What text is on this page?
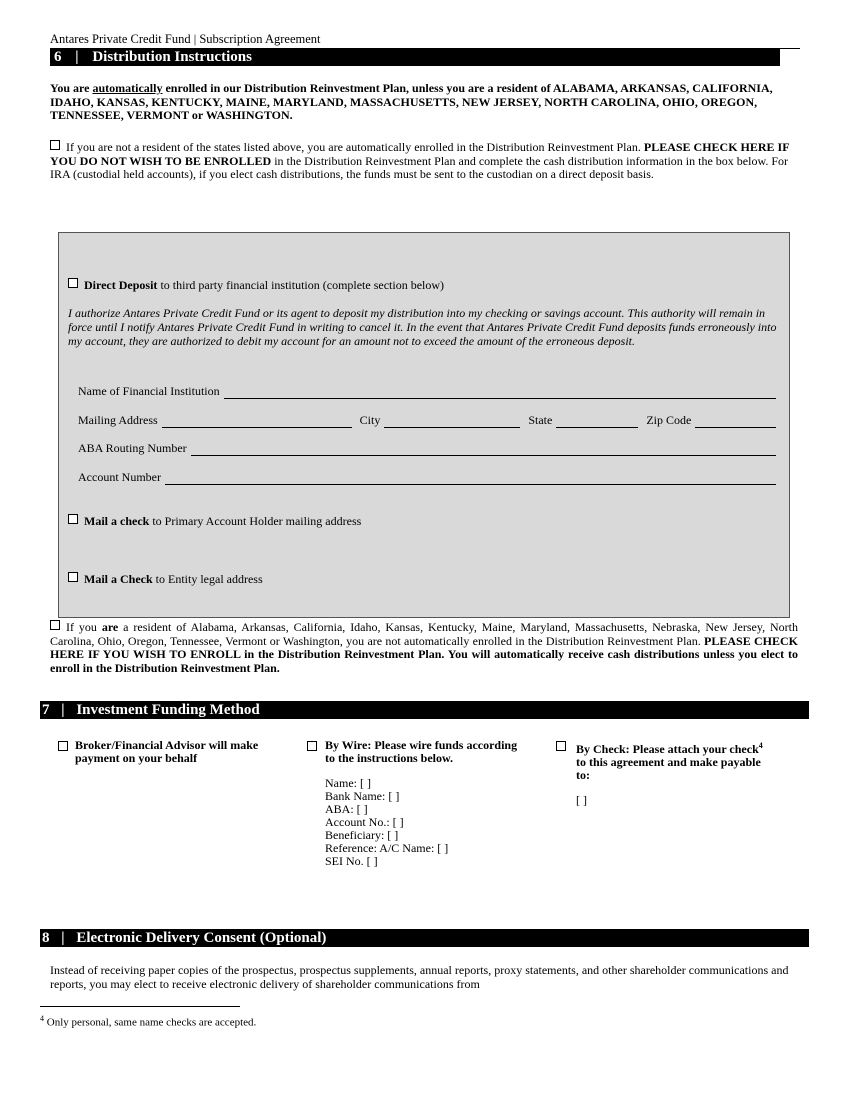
Antares Private Credit Fund | Subscription Agreement
6 | Distribution Instructions
You are automatically enrolled in our Distribution Reinvestment Plan, unless you are a resident of ALABAMA, ARKANSAS, CALIFORNIA, IDAHO, KANSAS, KENTUCKY, MAINE, MARYLAND, MASSACHUSETTS, NEW JERSEY, NORTH CAROLINA, OHIO, OREGON, TENNESSEE, VERMONT or WASHINGTON.
If you are not a resident of the states listed above, you are automatically enrolled in the Distribution Reinvestment Plan. PLEASE CHECK HERE IF YOU DO NOT WISH TO BE ENROLLED in the Distribution Reinvestment Plan and complete the cash distribution information in the box below. For IRA (custodial held accounts), if you elect cash distributions, the funds must be sent to the custodian on a direct deposit basis.
Direct Deposit to third party financial institution (complete section below)
I authorize Antares Private Credit Fund or its agent to deposit my distribution into my checking or savings account. This authority will remain in force until I notify Antares Private Credit Fund in writing to cancel it. In the event that Antares Private Credit Fund deposits funds erroneously into my account, they are authorized to debit my account for an amount not to exceed the amount of the erroneous deposit.
Name of Financial Institution
Mailing Address	City	State	Zip Code
ABA Routing Number
Account Number
Mail a check to Primary Account Holder mailing address
Mail a Check to Entity legal address
If you are a resident of Alabama, Arkansas, California, Idaho, Kansas, Kentucky, Maine, Maryland, Massachusetts, Nebraska, New Jersey, North Carolina, Ohio, Oregon, Tennessee, Vermont or Washington, you are not automatically enrolled in the Distribution Reinvestment Plan. PLEASE CHECK HERE IF YOU WISH TO ENROLL in the Distribution Reinvestment Plan. You will automatically receive cash distributions unless you elect to enroll in the Distribution Reinvestment Plan.
7 | Investment Funding Method
Broker/Financial Advisor will make payment on your behalf
By Wire: Please wire funds according to the instructions below.
Name: [ ]
Bank Name: [ ]
ABA: [ ]
Account No.: [ ]
Beneficiary: [ ]
Reference: A/C Name: [ ]
SEI No. [ ]
By Check: Please attach your check$^4$ to this agreement and make payable to:
[ ]
8 | Electronic Delivery Consent (Optional)
Instead of receiving paper copies of the prospectus, prospectus supplements, annual reports, proxy statements, and other shareholder communications and reports, you may elect to receive electronic delivery of shareholder communications from
$^4$ Only personal, same name checks are accepted.
